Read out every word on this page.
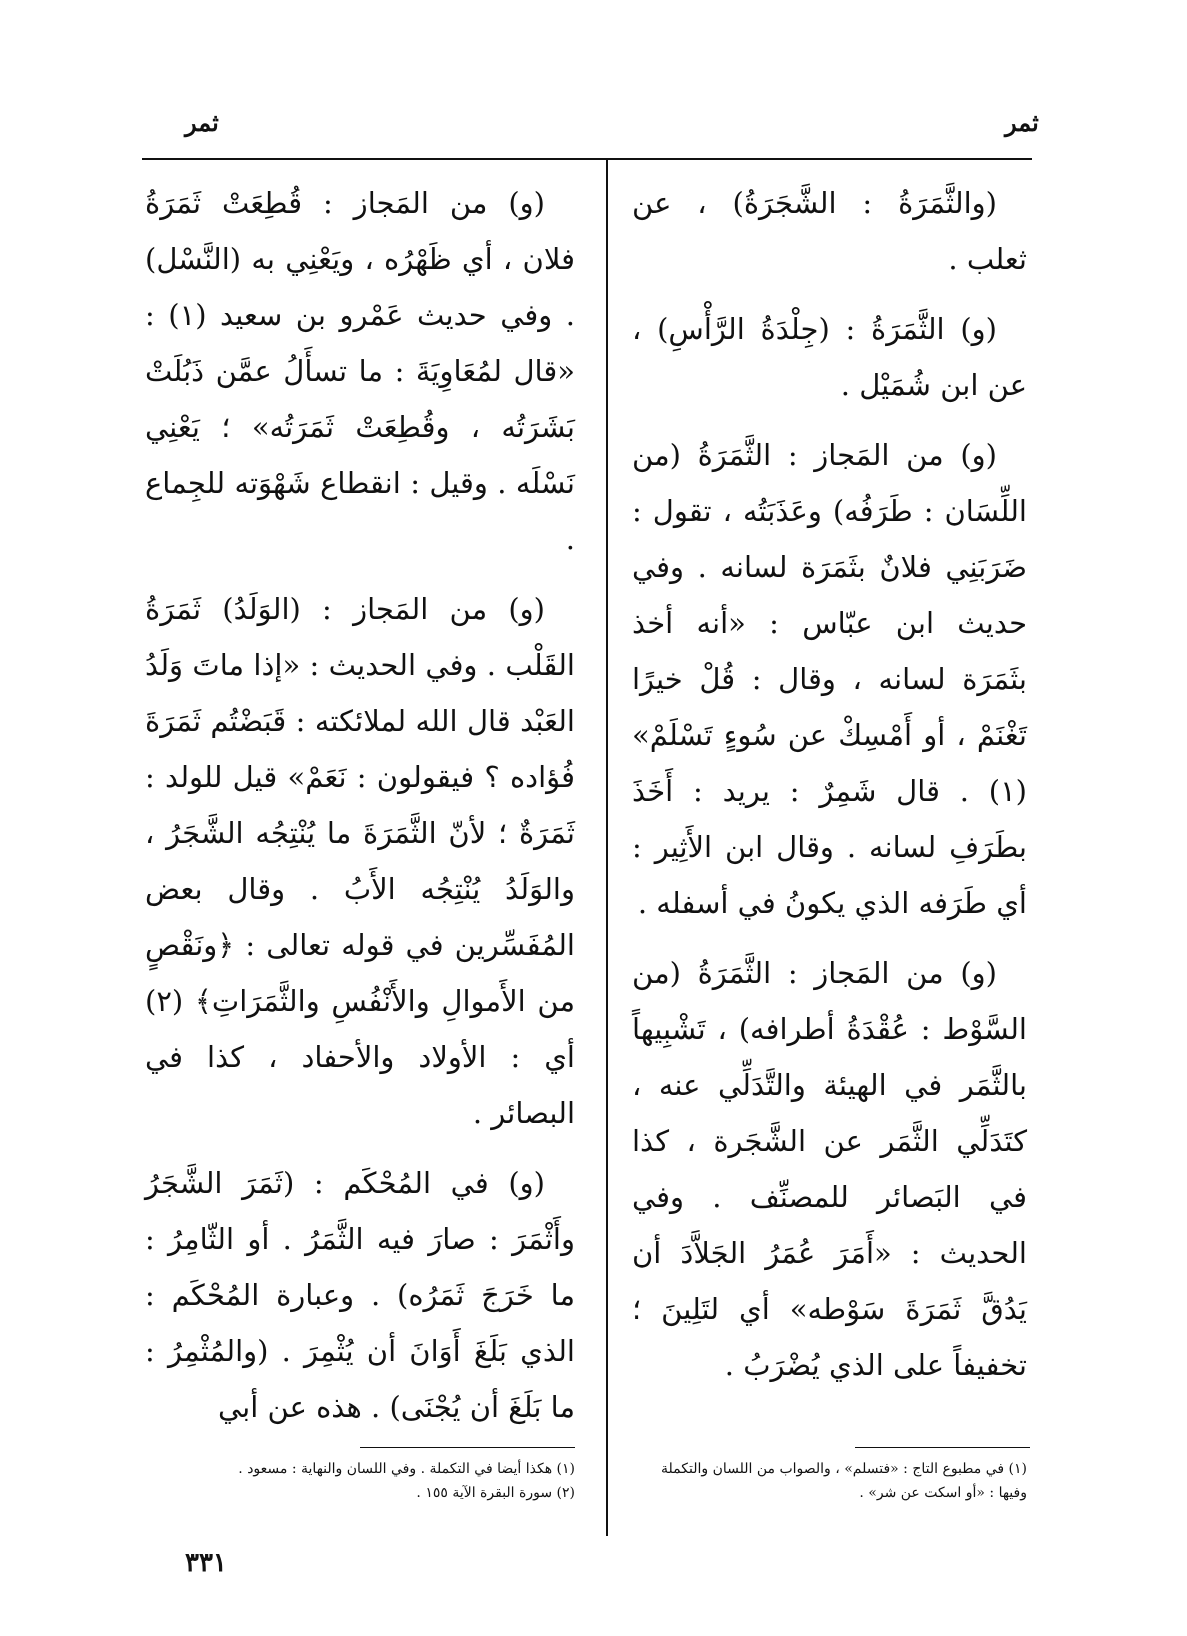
ثمر
ثمر

(والثَّمَرَةُ : الشَّجَرَةُ) ، عن ثعلب .

(و) الثَّمَرَةُ : (جِلْدَةُ الرَّأْسِ) ، عن ابن شُمَيْل .

(و) من المَجاز : الثَّمَرَةُ (من اللِّسَان : طَرَفُه) وعَذَبَتُه ، تقول : ضَرَبَنِي فلانٌ بثَمَرَة لسانه . وفي حديث ابن عبّاس : «أنه أخذ بثَمَرَة لسانه ، وقال : قُلْ خيرًا تَغْنَمْ ، أو أَمْسِكْ عن سُوءٍ تَسْلَمْ» (١) . قال شَمِرٌ : يريد : أَخَذَ بطَرَفِ لسانه . وقال ابن الأَثِير : أي طَرَفه الذي يكونُ في أسفله .

(و) من المَجاز : الثَّمَرَةُ (من السَّوْط : عُقْدَةُ أطرافه) ، تَشْبِيهاً بالثَّمَر في الهيئة والتَّدَلِّي عنه ، كتَدَلِّي الثَّمَر عن الشَّجَرة ، كذا في البَصائر للمصنِّف . وفي الحديث : «أَمَرَ عُمَرُ الجَلاَّدَ أن يَدُقَّ ثَمَرَةَ سَوْطه» أي لتَلِينَ ؛ تخفيفاً على الذي يُضْرَبُ .

(و) من المَجاز : قُطِعَتْ ثَمَرَةُ فلان ، أي ظَهْرُه ، ويَعْنِي به (النَّسْل) . وفي حديث عَمْرو بن سعيد (١) : «قال لمُعَاوِيَةَ : ما تسأَلُ عمَّن ذَبُلَتْ بَشَرَتُه ، وقُطِعَتْ ثَمَرَتُه» ؛ يَعْنِي نَسْلَه . وقيل : انقطاع شَهْوَته للجِماع .

(و) من المَجاز : (الوَلَدُ) ثَمَرَةُ القَلْب . وفي الحديث : «إذا ماتَ وَلَدُ العَبْد قال الله لملائكته : قَبَضْتُم ثَمَرَةَ فُؤاده ؟ فيقولون : نَعَمْ» قيل للولد : ثَمَرَةٌ ؛ لأنّ الثَّمَرَةَ ما يُنْتِجُه الشَّجَرُ ، والوَلَدُ يُنْتِجُه الأَبُ . وقال بعض المُفَسِّرين في قوله تعالى : ﴿ونَقْصٍ من الأَموالِ والأَنْفُسِ والثَّمَرَاتِ﴾ (٢) أي : الأولاد والأحفاد ، كذا في البصائر .

(و) في المُحْكَم : (ثَمَرَ الشَّجَرُ وأَثْمَرَ : صارَ فيه الثَّمَرُ . أو الثّامِرُ : ما خَرَجَ ثَمَرُه) . وعبارة المُحْكَم : الذي بَلَغَ أَوَانَ أن يُثْمِرَ . (والمُثْمِرُ : ما بَلَغَ أن يُجْنَى) . هذه عن أبي

(١) في مطبوع التاج : «فتسلم» ، والصواب من اللسان والتكملة وفيها : «أو اسكت عن شر» .
(١) هكذا أيضا في التكملة . وفي اللسان والنهاية : مسعود .
(٢) سورة البقرة الآية ١٥٥ .
٣٣١
